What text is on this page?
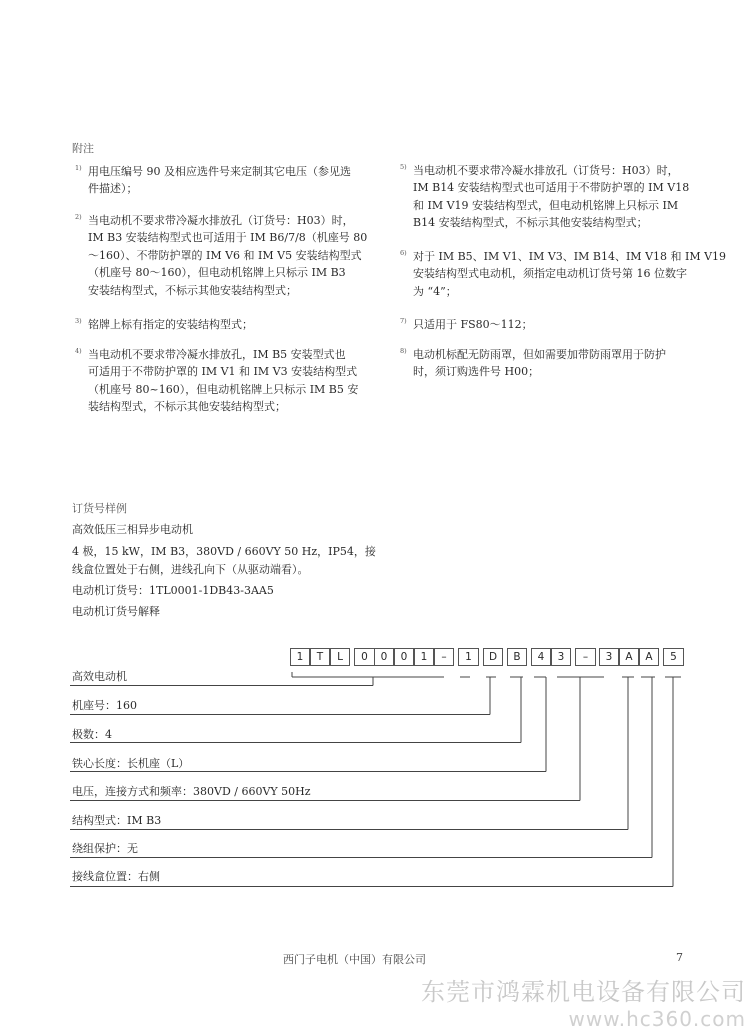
附注
1) 用电压编号 90 及相应选件号来定制其它电压（参见选
件描述）；
2) 当电动机不要求带冷凝水排放孔（订货号：H03）时，
IM B3 安装结构型式也可适用于 IM B6/7/8（机座号 80
～160）、不带防护罩的 IM V6 和 IM V5 安装结构型式
（机座号 80～160），但电动机铭牌上只标示 IM B3
安装结构型式，不标示其他安装结构型式；
3) 铭牌上标有指定的安装结构型式；
4) 当电动机不要求带冷凝水排放孔，IM B5 安装型式也
可适用于不带防护罩的 IM V1 和 IM V3 安装结构型式
（机座号 80~160），但电动机铭牌上只标示 IM B5 安
装结构型式，不标示其他安装结构型式；
5) 当电动机不要求带冷凝水排放孔（订货号：H03）时，
IM B14 安装结构型式也可适用于不带防护罩的 IM V18
和 IM V19 安装结构型式，但电动机铭牌上只标示 IM
B14 安装结构型式，不标示其他安装结构型式；
6) 对于 IM B5、IM V1、IM V3、IM B14、IM V18 和 IM V19
安装结构型式电动机，须指定电动机订货号第 16 位数字
为 “4”；
7) 只适用于 FS80～112；
8) 电动机标配无防雨罩，但如需要加带防雨罩用于防护
时，须订购选件号 H00；
订货号样例
高效低压三相异步电动机
4 极，15 kW，IM B3，380VD / 660VY 50 Hz，IP54，接
线盒位置处于右侧，进线孔向下（从驱动端看）。
电动机订货号：1TL0001-1DB43-3AA5
电动机订货号解释
1	T	L	0	0	0	1	–	1	D	B	4	3	–	3	A	A	5
高效电动机
机座号：160
极数：4
铁心长度：长机座（L）
电压，连接方式和频率：380VD / 660VY 50Hz
结构型式：IM B3
绕组保护：无
接线盒位置：右侧
西门子电机（中国）有限公司	7
东莞市鸿霖机电设备有限公司
www.hc360.com
